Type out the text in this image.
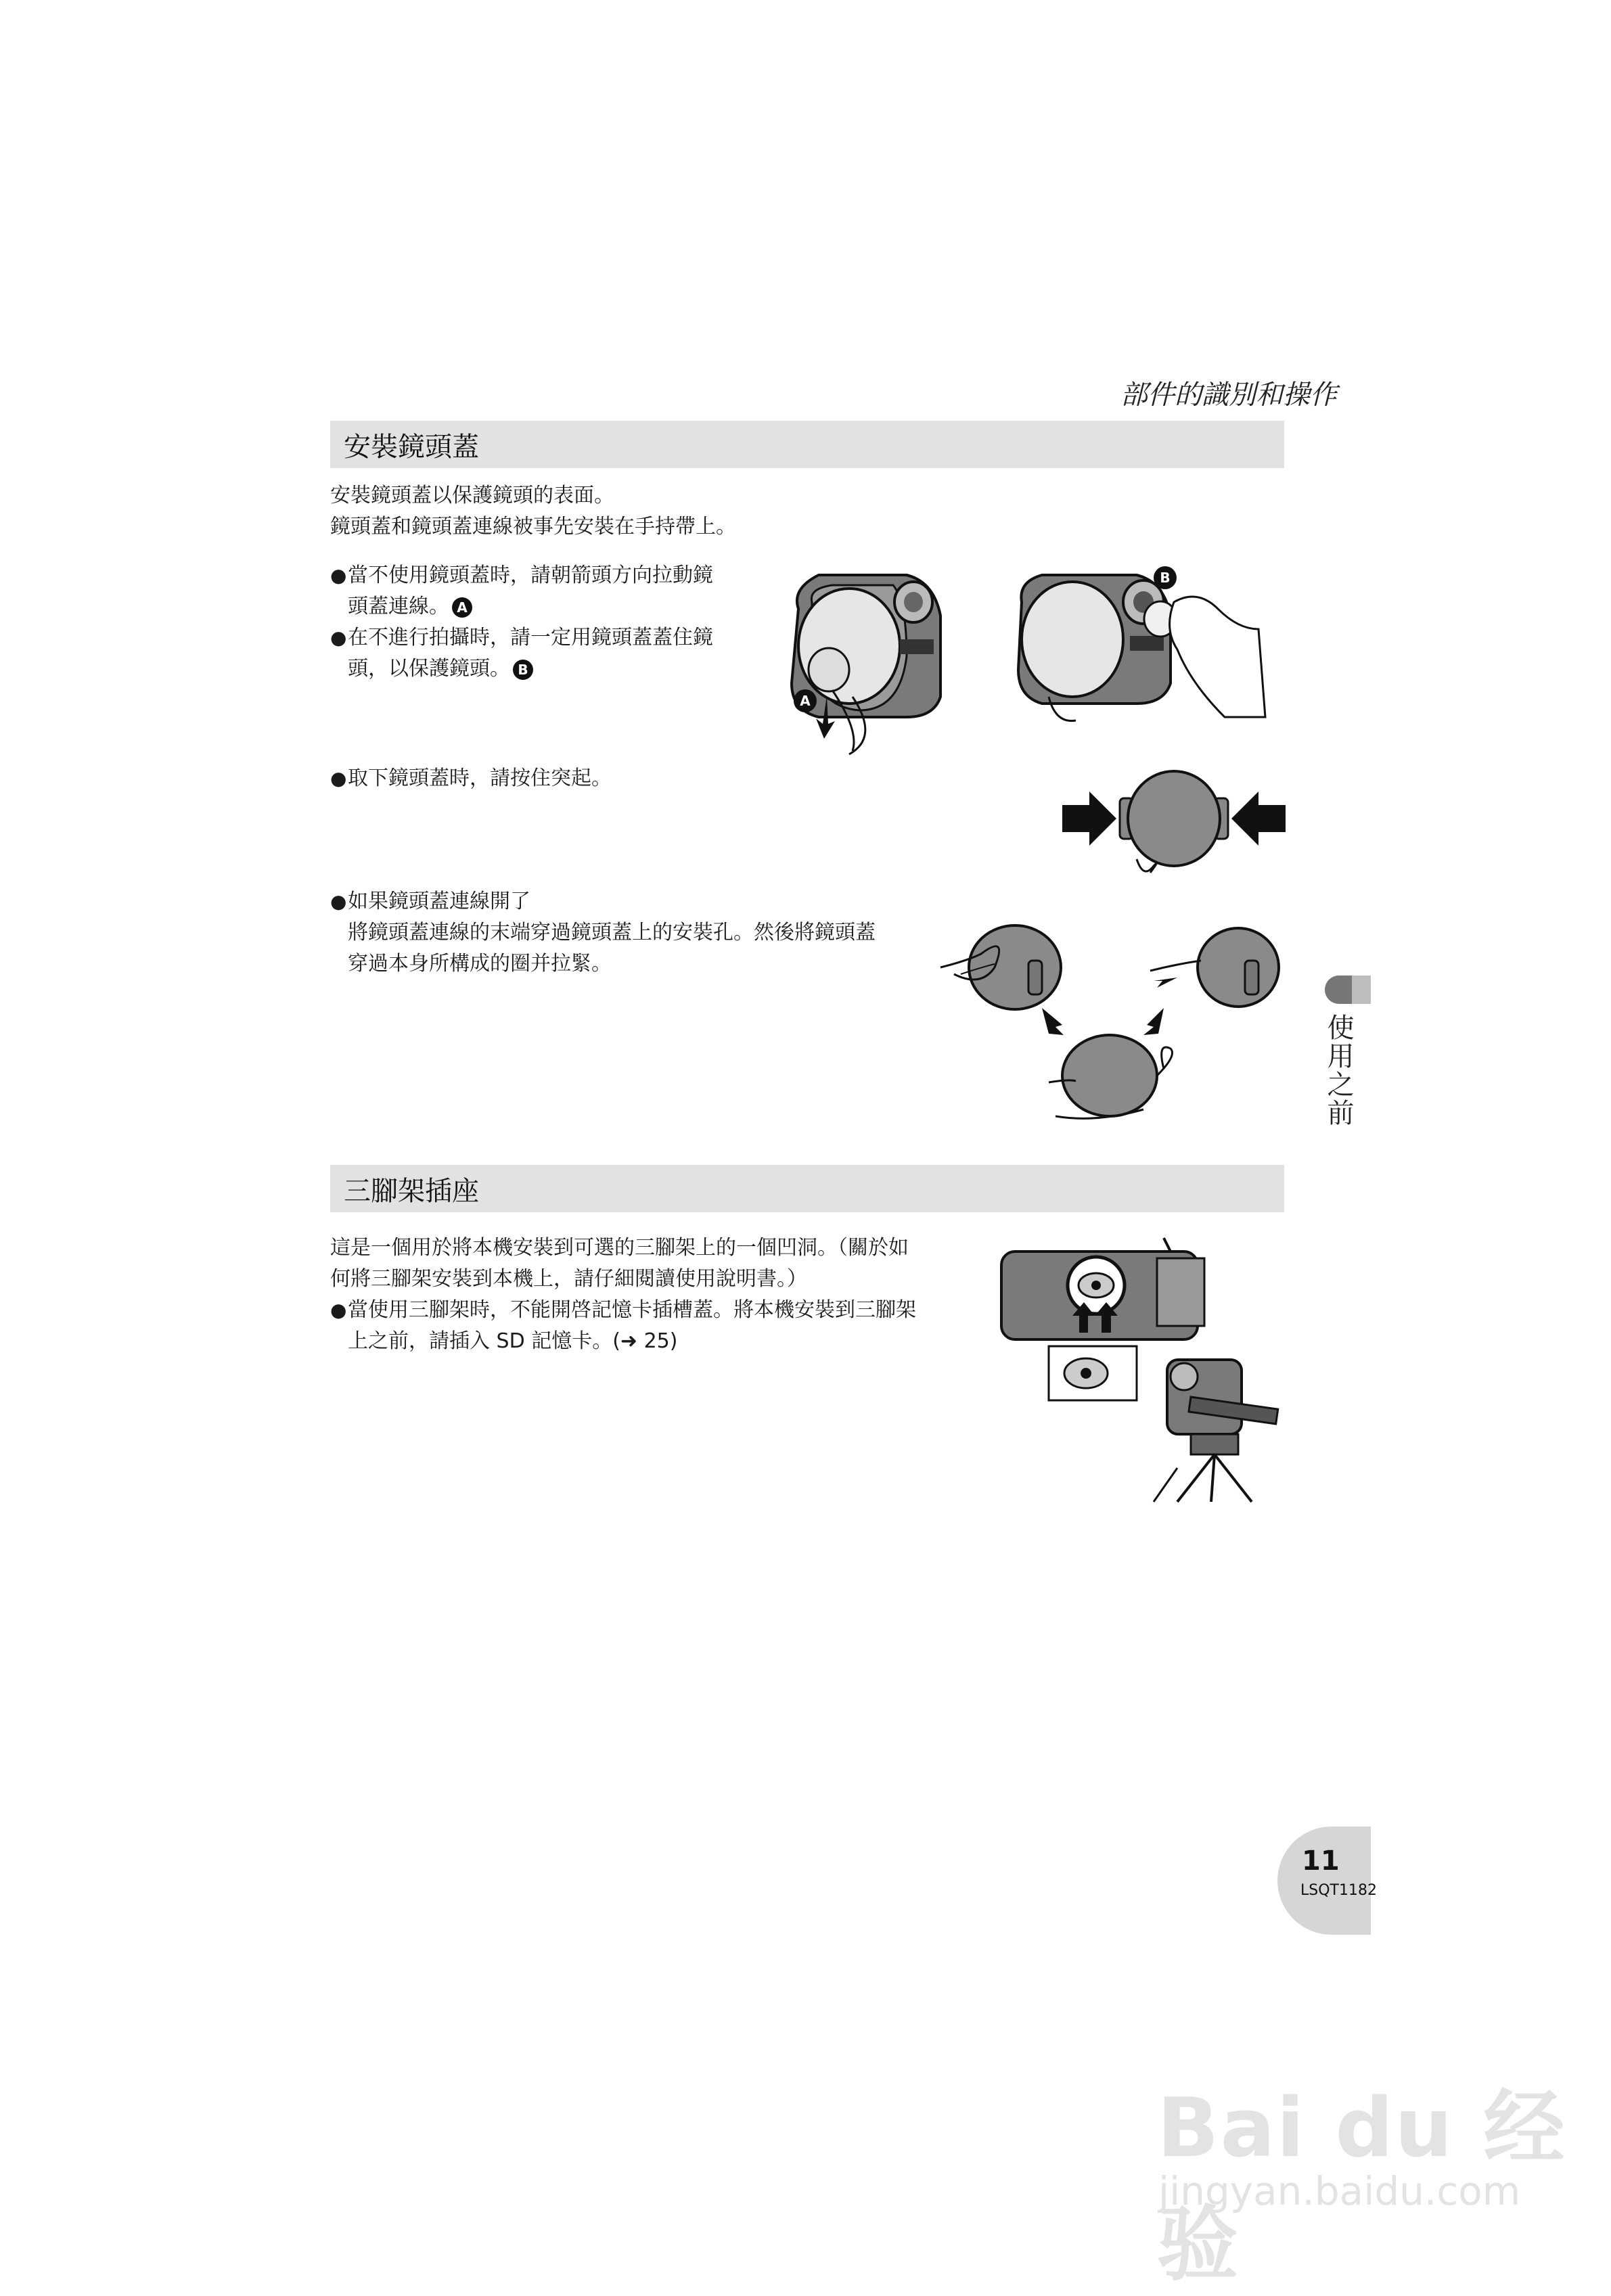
部件的識別和操作
安裝鏡頭蓋
安裝鏡頭蓋以保護鏡頭的表面。
鏡頭蓋和鏡頭蓋連線被事先安裝在手持帶上。
● 當不使用鏡頭蓋時，請朝箭頭方向拉動鏡
頭蓋連線。 A
● 在不進行拍攝時，請一定用鏡頭蓋蓋住鏡
頭，以保護鏡頭。 B
A
B
● 取下鏡頭蓋時，請按住突起。
● 如果鏡頭蓋連線開了
將鏡頭蓋連線的末端穿過鏡頭蓋上的安裝孔。然後將鏡頭蓋
穿過本身所構成的圈并拉緊。
使用之前
三腳架插座
這是一個用於將本機安裝到可選的三腳架上的一個凹洞。（關於如
何將三腳架安裝到本機上，請仔細閱讀使用說明書。）
● 當使用三腳架時，不能開啓記憶卡插槽蓋。將本機安裝到三腳架
上之前，請插入 SD 記憶卡。(➜ 25)
11
LSQT1182
Bai du 经验
jingyan.baidu.com
